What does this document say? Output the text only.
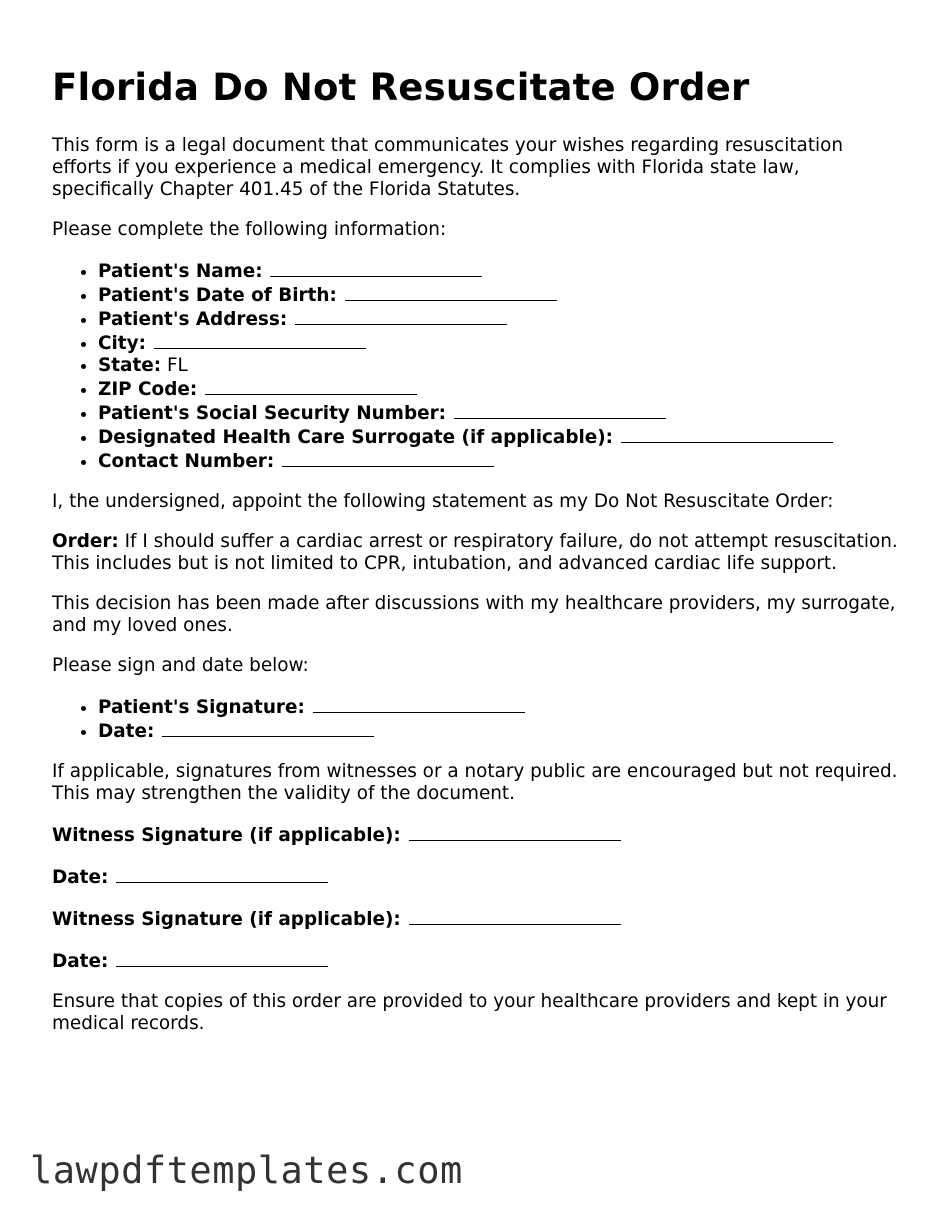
Florida Do Not Resuscitate Order

This form is a legal document that communicates your wishes regarding resuscitation efforts if you experience a medical emergency. It complies with Florida state law, specifically Chapter 401.45 of the Florida Statutes.

Please complete the following information:

• Patient's Name:
• Patient's Date of Birth:
• Patient's Address:
• City:
• State: FL
• ZIP Code:
• Patient's Social Security Number:
• Designated Health Care Surrogate (if applicable):
• Contact Number:

I, the undersigned, appoint the following statement as my Do Not Resuscitate Order:

Order: If I should suffer a cardiac arrest or respiratory failure, do not attempt resuscitation. This includes but is not limited to CPR, intubation, and advanced cardiac life support.

This decision has been made after discussions with my healthcare providers, my surrogate, and my loved ones.

Please sign and date below:

• Patient's Signature:
• Date:

If applicable, signatures from witnesses or a notary public are encouraged but not required. This may strengthen the validity of the document.

Witness Signature (if applicable):

Date:

Witness Signature (if applicable):

Date:

Ensure that copies of this order are provided to your healthcare providers and kept in your medical records.

lawpdftemplates.com
